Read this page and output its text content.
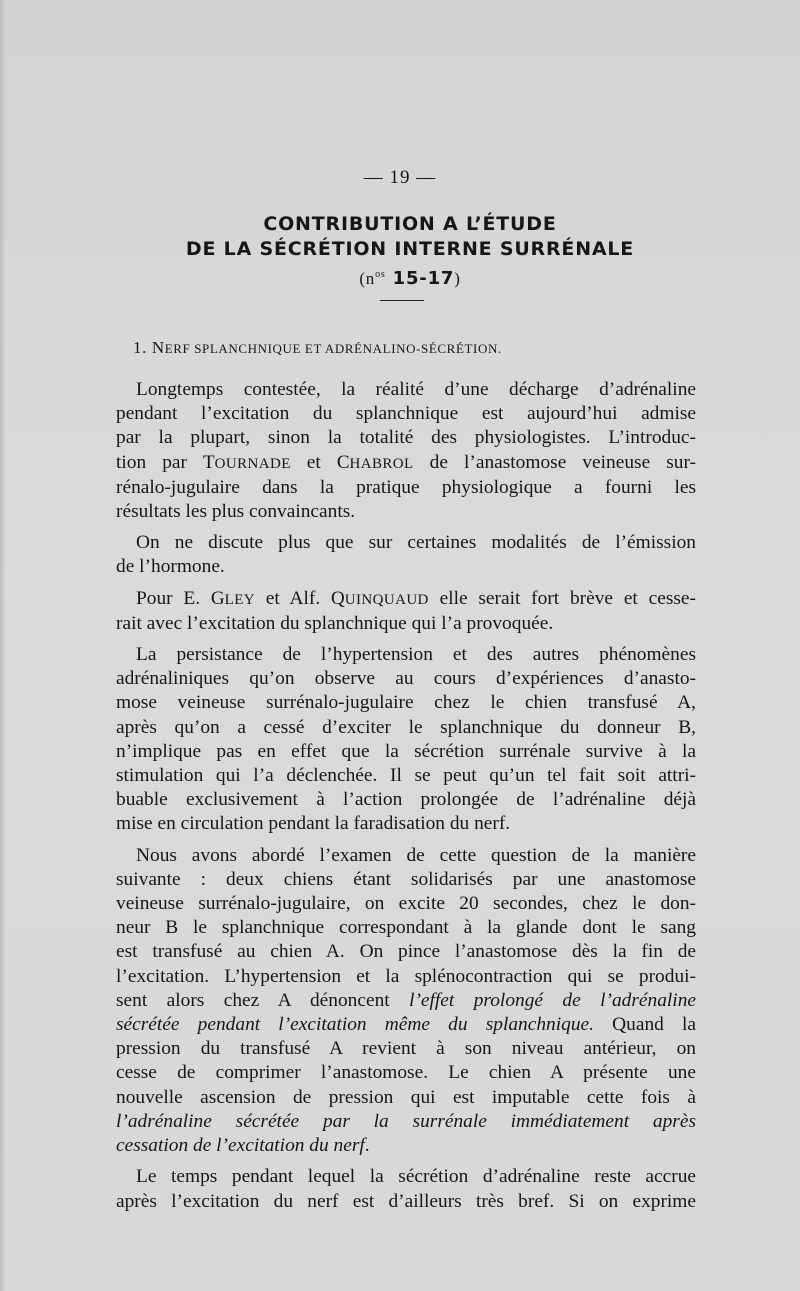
— 19 —
CONTRIBUTION A L’ÉTUDE
DE LA SÉCRÉTION INTERNE SURRÉNALE
($n^{os}$ 15-17)
1. NERF SPLANCHNIQUE ET ADRÉNALINO-SÉCRÉTION.
Longtemps contestée, la réalité d’une décharge d’adrénaline
pendant l’excitation du splanchnique est aujourd’hui admise
par la plupart, sinon la totalité des physiologistes. L’introduc-
tion par TOURNADE et CHABROL de l’anastomose veineuse sur-
rénalo-jugulaire dans la pratique physiologique a fourni les
résultats les plus convaincants.
On ne discute plus que sur certaines modalités de l’émission
de l’hormone.
Pour E. GLEY et Alf. QUINQUAUD elle serait fort brève et cesse-
rait avec l’excitation du splanchnique qui l’a provoquée.
La persistance de l’hypertension et des autres phénomènes
adrénaliniques qu’on observe au cours d’expériences d’anasto-
mose veineuse surrénalo-jugulaire chez le chien transfusé A,
après qu’on a cessé d’exciter le splanchnique du donneur B,
n’implique pas en effet que la sécrétion surrénale survive à la
stimulation qui l’a déclenchée. Il se peut qu’un tel fait soit attri-
buable exclusivement à l’action prolongée de l’adrénaline déjà
mise en circulation pendant la faradisation du nerf.
Nous avons abordé l’examen de cette question de la manière
suivante : deux chiens étant solidarisés par une anastomose
veineuse surrénalo-jugulaire, on excite 20 secondes, chez le don-
neur B le splanchnique correspondant à la glande dont le sang
est transfusé au chien A. On pince l’anastomose dès la fin de
l’excitation. L’hypertension et la splénocontraction qui se produi-
sent alors chez A dénoncent l’effet prolongé de l’adrénaline
sécrétée pendant l’excitation même du splanchnique. Quand la
pression du transfusé A revient à son niveau antérieur, on
cesse de comprimer l’anastomose. Le chien A présente une
nouvelle ascension de pression qui est imputable cette fois à
l’adrénaline sécrétée par la surrénale immédiatement après
cessation de l’excitation du nerf.
Le temps pendant lequel la sécrétion d’adrénaline reste accrue
après l’excitation du nerf est d’ailleurs très bref. Si on exprime
